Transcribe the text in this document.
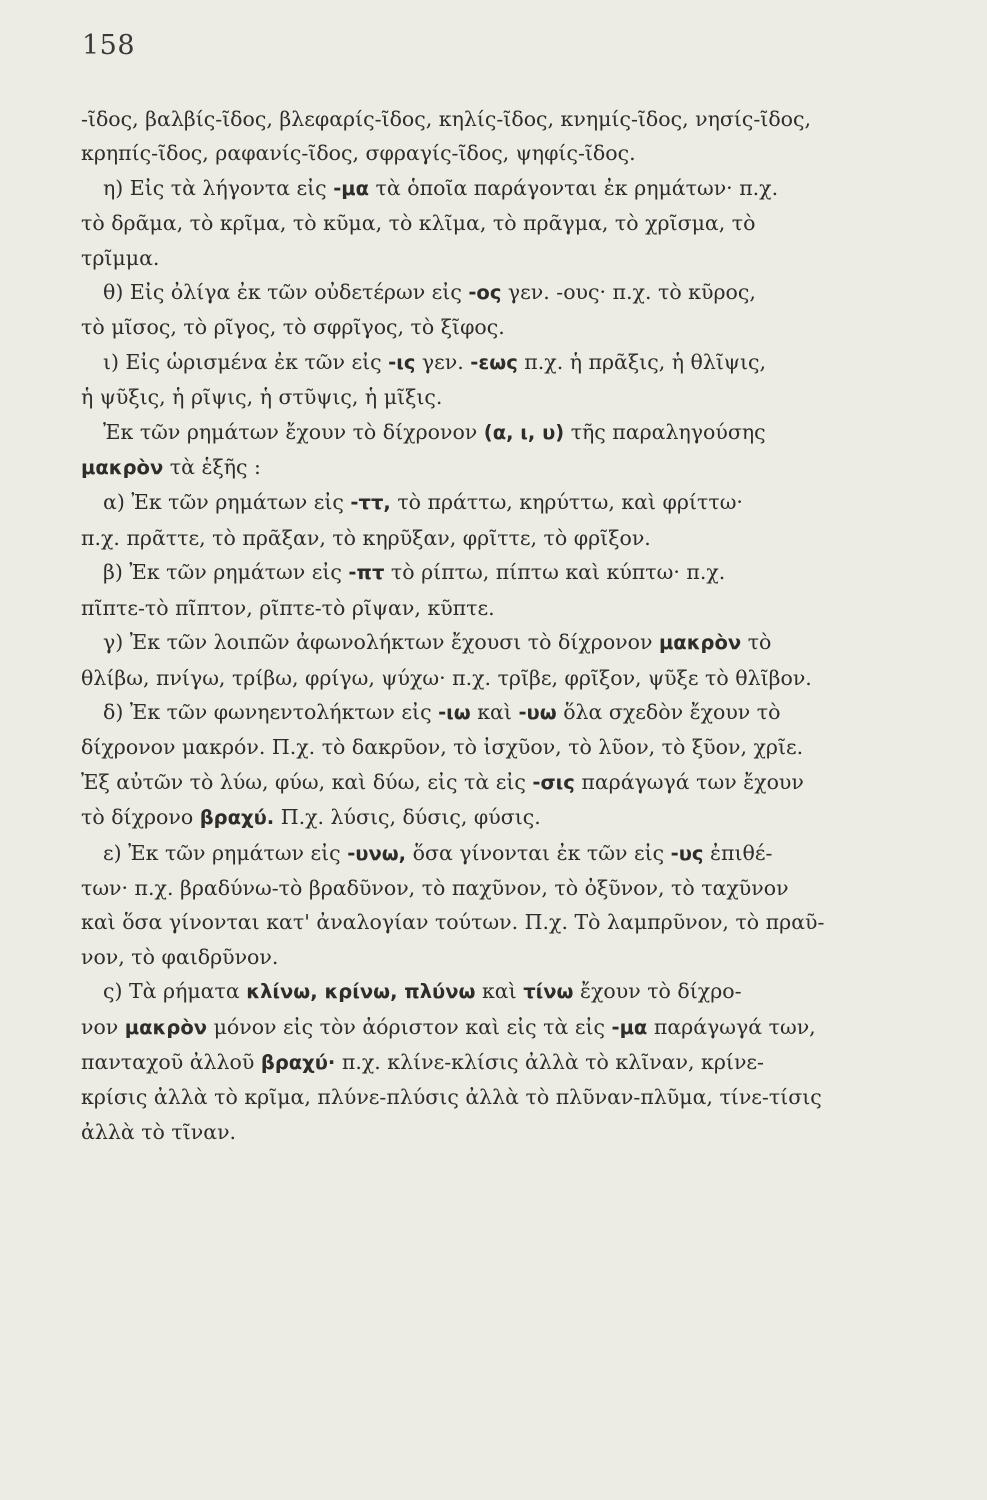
158
-ῖδος, βαλβίς-ῖδος, βλεφαρίς-ῖδος, κηλίς-ῖδος, κνημίς-ῖδος, νησίς-ῖδος,
κρηπίς-ῖδος, ραφανίς-ῖδος, σφραγίς-ῖδος, ψηφίς-ῖδος.
η) Εἰς τὰ λήγοντα εἰς -μα τὰ ὁποῖα παράγονται ἐκ ρημάτων· π.χ.
τὸ δρᾶμα, τὸ κρῖμα, τὸ κῦμα, τὸ κλῖμα, τὸ πρᾶγμα, τὸ χρῖσμα, τὸ
τρῖμμα.
θ) Εἰς ὀλίγα ἐκ τῶν οὐδετέρων εἰς -ος γεν. -ους· π.χ. τὸ κῦρος,
τὸ μῖσος, τὸ ρῖγος, τὸ σφρῖγος, τὸ ξῖφος.
ι) Εἰς ὡρισμένα ἐκ τῶν εἰς -ις γεν. -εως π.χ. ἡ πρᾶξις, ἡ θλῖψις,
ἡ ψῦξις, ἡ ρῖψις, ἡ στῦψις, ἡ μῖξις.
Ἐκ τῶν ρημάτων ἔχουν τὸ δίχρονον (α, ι, υ) τῆς παραληγούσης
μακρὸν τὰ ἑξῆς :
α) Ἐκ τῶν ρημάτων εἰς -ττ, τὸ πράττω, κηρύττω, καὶ φρίττω·
π.χ. πρᾶττε, τὸ πρᾶξαν, τὸ κηρῦξαν, φρῖττε, τὸ φρῖξον.
β) Ἐκ τῶν ρημάτων εἰς -πτ τὸ ρίπτω, πίπτω καὶ κύπτω· π.χ.
πῖπτε-τὸ πῖπτον, ρῖπτε-τὸ ρῖψαν, κῦπτε.
γ) Ἐκ τῶν λοιπῶν ἀφωνολήκτων ἔχουσι τὸ δίχρονον μακρὸν τὸ
θλίβω, πνίγω, τρίβω, φρίγω, ψύχω· π.χ. τρῖβε, φρῖξον, ψῦξε τὸ θλῖβον.
δ) Ἐκ τῶν φωνηεντολήκτων εἰς -ιω καὶ -υω ὅλα σχεδὸν ἔχουν τὸ
δίχρονον μακρόν. Π.χ. τὸ δακρῦον, τὸ ἰσχῦον, τὸ λῦον, τὸ ξῦον, χρῖε.
Ἐξ αὐτῶν τὸ λύω, φύω, καὶ δύω, εἰς τὰ εἰς -σις παράγωγά των ἔχουν
τὸ δίχρονο βραχύ. Π.χ. λύσις, δύσις, φύσις.
ε) Ἐκ τῶν ρημάτων εἰς -υνω, ὅσα γίνονται ἐκ τῶν εἰς -υς ἐπιθέ-
των· π.χ. βραδύνω-τὸ βραδῦνον, τὸ παχῦνον, τὸ ὀξῦνον, τὸ ταχῦνον
καὶ ὅσα γίνονται κατ' ἀναλογίαν τούτων. Π.χ. Τὸ λαμπρῦνον, τὸ πραῦ-
νον, τὸ φαιδρῦνον.
ς) Τὰ ρήματα κλίνω, κρίνω, πλύνω καὶ τίνω ἔχουν τὸ δίχρο-
νον μακρὸν μόνον εἰς τὸν ἀόριστον καὶ εἰς τὰ εἰς -μα παράγωγά των,
πανταχοῦ ἀλλοῦ βραχύ· π.χ. κλίνε-κλίσις ἀλλὰ τὸ κλῖναν, κρίνε-
κρίσις ἀλλὰ τὸ κρῖμα, πλύνε-πλύσις ἀλλὰ τὸ πλῦναν-πλῦμα, τίνε-τίσις
ἀλλὰ τὸ τῖναν.
